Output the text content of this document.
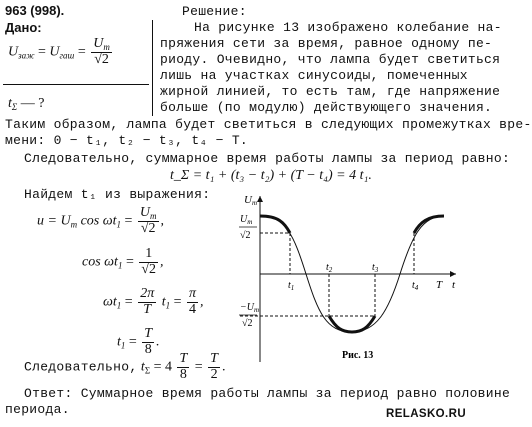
963 (998).
Дано:
$U_{заж} = U_{гаш} = \frac{U_m}{√2}$
$t_\Sigma$ — ?
Решение:
На рисунке 13 изображено колебание на-
пряжения сети за время, равное одному пе-
риоду. Очевидно, что лампа будет светиться
лишь на участках синусоиды, помеченных
жирной линией, то есть там, где напряжение
больше (по модулю) действующего значения.
Таким образом, лампа будет светиться в следующих промежутках вре-
мени: 0 − t₁, t₂ − t₃, t₄ − T.
Следовательно, суммарное время работы лампы за период равно:
t_Σ = t₁ + (t₃ − t₂) + (T − t₄) = 4 t₁.
Найдем t₁ из выражения:
$u = U_m$ $\cos \omega t_1 = \frac{U_m}{√2}$ ,
$\cos \omega t_1 = \frac{1}{√2}$ ,
$\omega t_1 = \frac{2\pi}{T} t_1 = \frac{\pi}{4}$ ,
$t_1 = \frac{T}{8}$ .
Следовательно, $t_\Sigma = 4 \frac{T}{8} = \frac{T}{2}$ .
Ответ: Суммарное время работы лампы за период равно половине
периода.
Um
$U_m$
√2
$-U_m$
√2
$t_1$
$t_2$	$t_3$
$t_4$ T t
Рис. 13
RELASKO.RU
